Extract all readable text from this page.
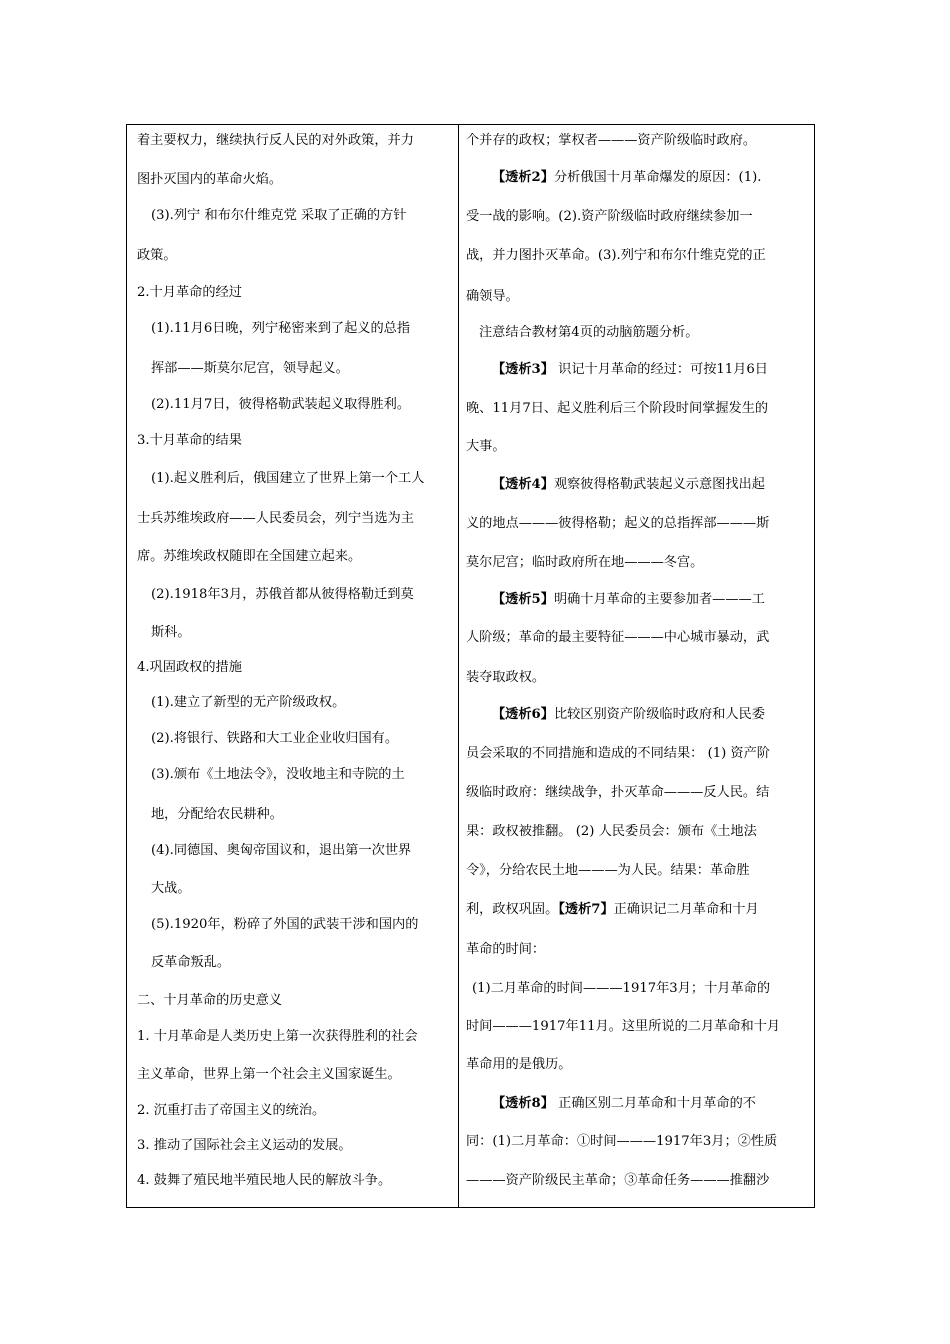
着主要权力，继续执行反人民的对外政策，并力
图扑灭国内的革命火焰。
(3).列宁 和布尔什维克党 采取了正确的方针
政策。
2.十月革命的经过
(1).11月6日晚，列宁秘密来到了起义的总指
挥部——斯莫尔尼宫，领导起义。
(2).11月7日，彼得格勒武装起义取得胜利。
3.十月革命的结果
(1).起义胜利后，俄国建立了世界上第一个工人
士兵苏维埃政府——人民委员会，列宁当选为主
席。苏维埃政权随即在全国建立起来。
(2).1918年3月，苏俄首都从彼得格勒迁到莫
斯科。
4.巩固政权的措施
(1).建立了新型的无产阶级政权。
(2).将银行、铁路和大工业企业收归国有。
(3).颁布《土地法令》，没收地主和寺院的土
地，分配给农民耕种。
(4).同德国、奥匈帝国议和，退出第一次世界
大战。
(5).1920年，粉碎了外国的武装干涉和国内的
反革命叛乱。
二、十月革命的历史意义
1. 十月革命是人类历史上第一次获得胜利的社会
主义革命，世界上第一个社会主义国家诞生。
2. 沉重打击了帝国主义的统治。
3. 推动了国际社会主义运动的发展。
4. 鼓舞了殖民地半殖民地人民的解放斗争。
个并存的政权；掌权者———资产阶级临时政府。
【透析2】分析俄国十月革命爆发的原因：(1).
受一战的影响。(2).资产阶级临时政府继续参加一
战，并力图扑灭革命。(3).列宁和布尔什维克党的正
确领导。
注意结合教材第4页的动脑筋题分析。
【透析3】 识记十月革命的经过：可按11月6日
晚、11月7日、起义胜利后三个阶段时间掌握发生的
大事。
【透析4】观察彼得格勒武装起义示意图找出起
义的地点———彼得格勒；起义的总指挥部———斯
莫尔尼宫；临时政府所在地———冬宫。
【透析5】明确十月革命的主要参加者———工
人阶级；革命的最主要特征———中心城市暴动，武
装夺取政权。
【透析6】比较区别资产阶级临时政府和人民委
员会采取的不同措施和造成的不同结果： (1) 资产阶
级临时政府：继续战争，扑灭革命———反人民。结
果：政权被推翻。 (2) 人民委员会：颁布《土地法
令》，分给农民土地———为人民。结果：革命胜
利，政权巩固。【透析7】正确识记二月革命和十月
革命的时间：
(1)二月革命的时间———1917年3月；十月革命的
时间———1917年11月。这里所说的二月革命和十月
革命用的是俄历。
【透析8】 正确区别二月革命和十月革命的不
同：(1)二月革命：①时间———1917年3月；②性质
———资产阶级民主革命；③革命任务———推翻沙
